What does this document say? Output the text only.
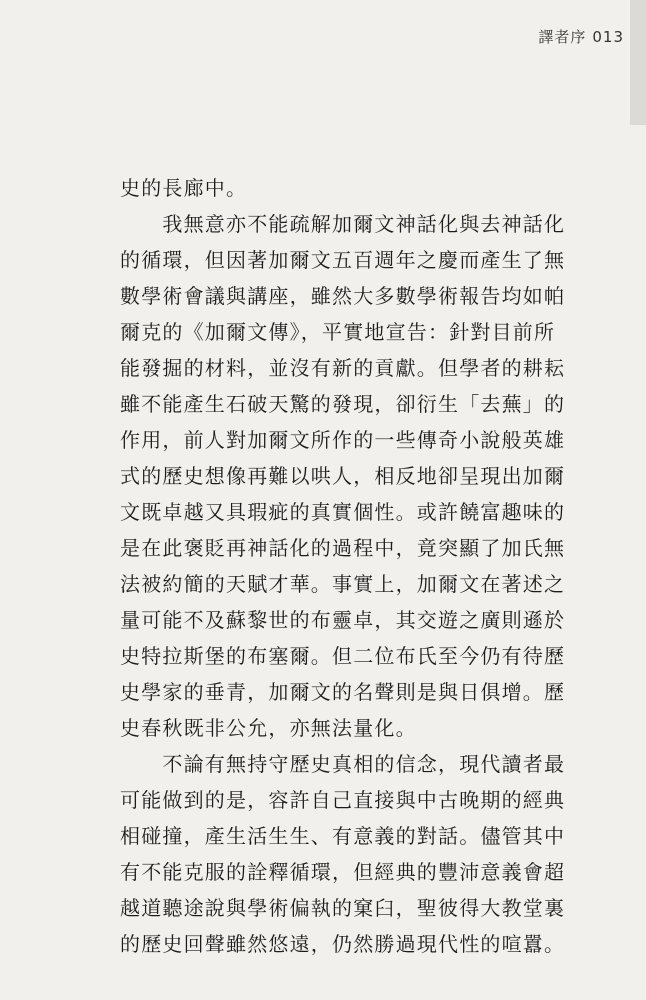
譯者序 013
史的長廊中。
　　我無意亦不能疏解加爾文神話化與去神話化
的循環，但因著加爾文五百週年之慶而產生了無
數學術會議與講座，雖然大多數學術報告均如帕
爾克的《加爾文傳》，平實地宣告：針對目前所
能發掘的材料，並沒有新的貢獻。但學者的耕耘
雖不能產生石破天驚的發現，卻衍生「去蕪」的
作用，前人對加爾文所作的一些傳奇小說般英雄
式的歷史想像再難以哄人，相反地卻呈現出加爾
文既卓越又具瑕疵的真實個性。或許饒富趣味的
是在此褒貶再神話化的過程中，竟突顯了加氏無
法被約簡的天賦才華。事實上，加爾文在著述之
量可能不及蘇黎世的布靈卓，其交遊之廣則遜於
史特拉斯堡的布塞爾。但二位布氏至今仍有待歷
史學家的垂青，加爾文的名聲則是與日俱增。歷
史春秋既非公允，亦無法量化。
　　不論有無持守歷史真相的信念，現代讀者最
可能做到的是，容許自己直接與中古晚期的經典
相碰撞，產生活生生、有意義的對話。儘管其中
有不能克服的詮釋循環，但經典的豐沛意義會超
越道聽途說與學術偏執的窠臼，聖彼得大教堂裏
的歷史回聲雖然悠遠，仍然勝過現代性的喧囂。
